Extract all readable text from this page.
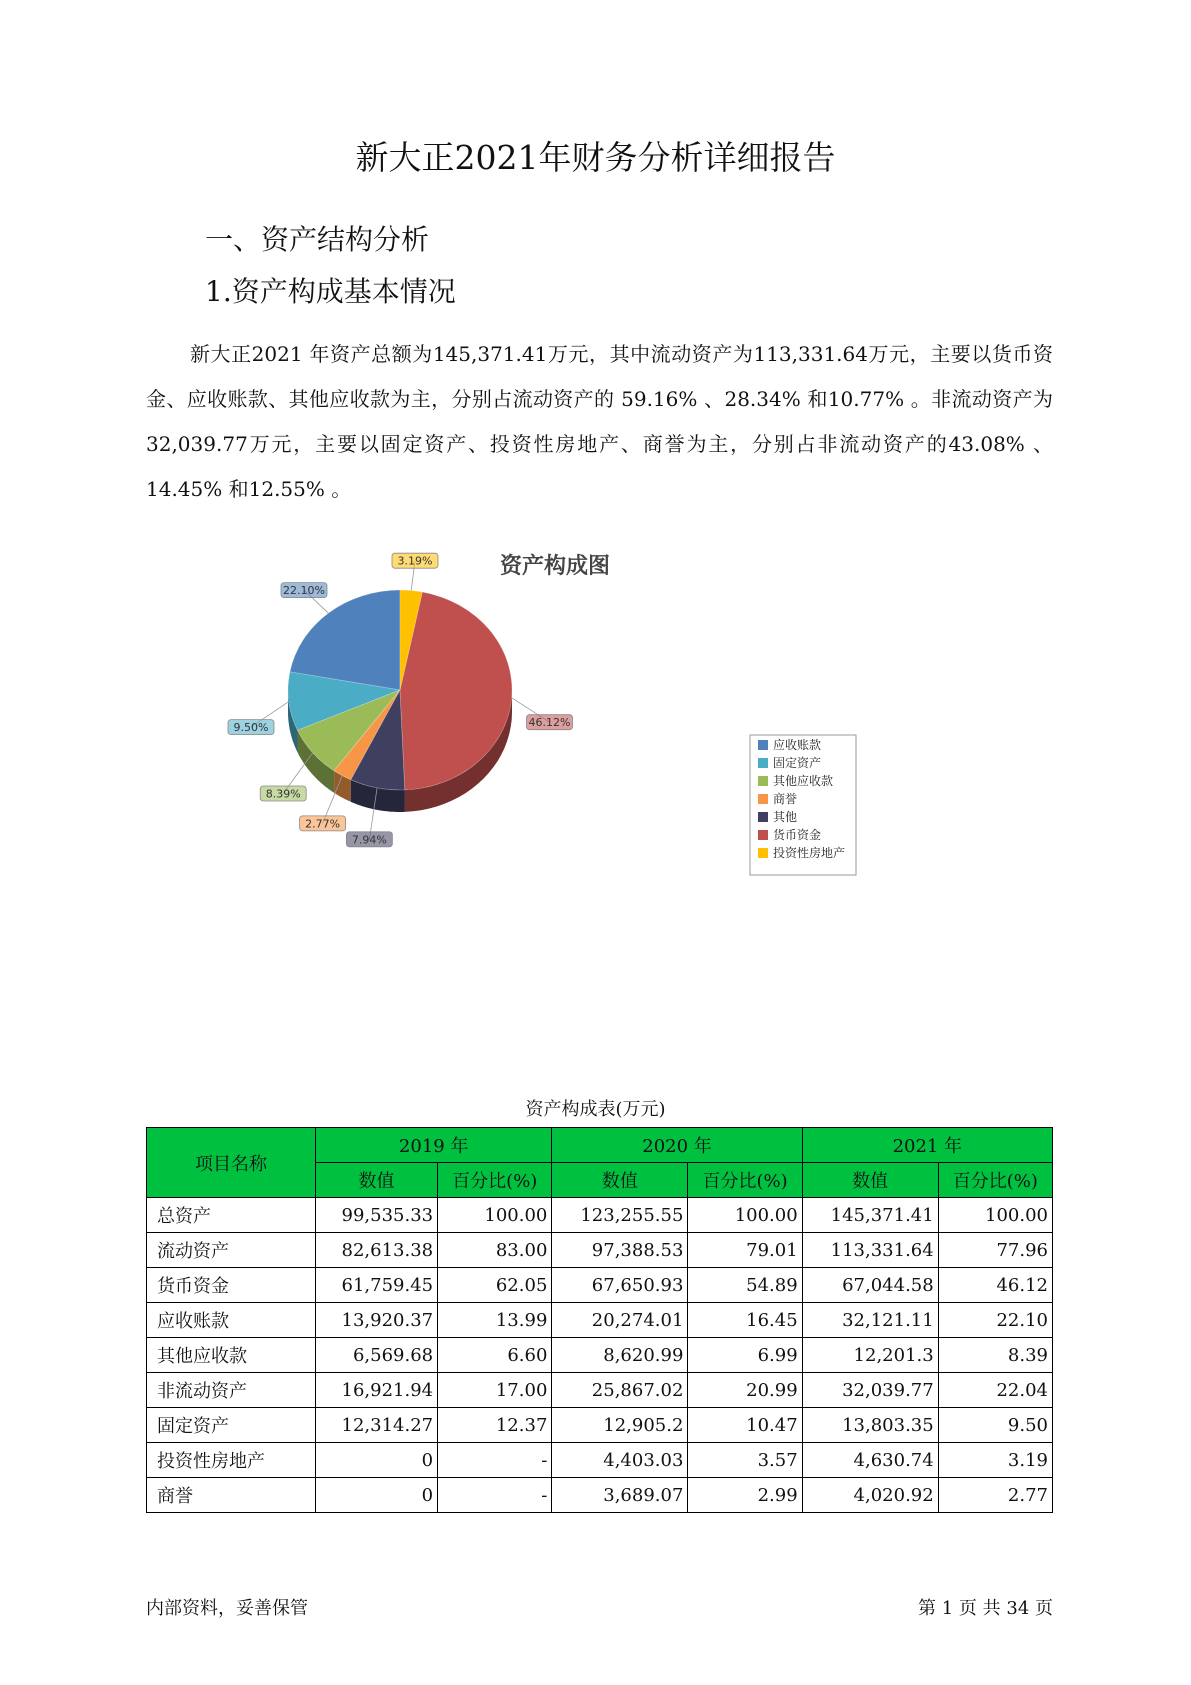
新大正2021年财务分析详细报告
一、资产结构分析
1.资产构成基本情况
新大正2021 年资产总额为145,371.41万元，其中流动资产为113,331.64万元，主要以货币资金、应收账款、其他应收款为主，分别占流动资产的 59.16% 、28.34% 和10.77% 。非流动资产为32,039.77万元，主要以固定资产、投资性房地产、商誉为主，分别占非流动资产的43.08% 、14.45% 和12.55% 。
资产构成图
22.10%
9.50%
8.39%
2.77%
7.94%
46.12%
3.19%
应收账款
固定资产
其他应收款
商誉
其他
货币资金
投资性房地产
资产构成表(万元)
项目名称	2019 年		2020 年		2021 年	
	数值	百分比(%)	数值	百分比(%)	数值	百分比(%)
总资产	99,535.33	100.00	123,255.55	100.00	145,371.41	100.00
流动资产	82,613.38	83.00	97,388.53	79.01	113,331.64	77.96
货币资金	61,759.45	62.05	67,650.93	54.89	67,044.58	46.12
应收账款	13,920.37	13.99	20,274.01	16.45	32,121.11	22.10
其他应收款	6,569.68	6.60	8,620.99	6.99	12,201.3	8.39
非流动资产	16,921.94	17.00	25,867.02	20.99	32,039.77	22.04
固定资产	12,314.27	12.37	12,905.2	10.47	13,803.35	9.50
投资性房地产	0	-	4,403.03	3.57	4,630.74	3.19
商誉	0	-	3,689.07	2.99	4,020.92	2.77
内部资料，妥善保管	第 1 页 共 34 页
